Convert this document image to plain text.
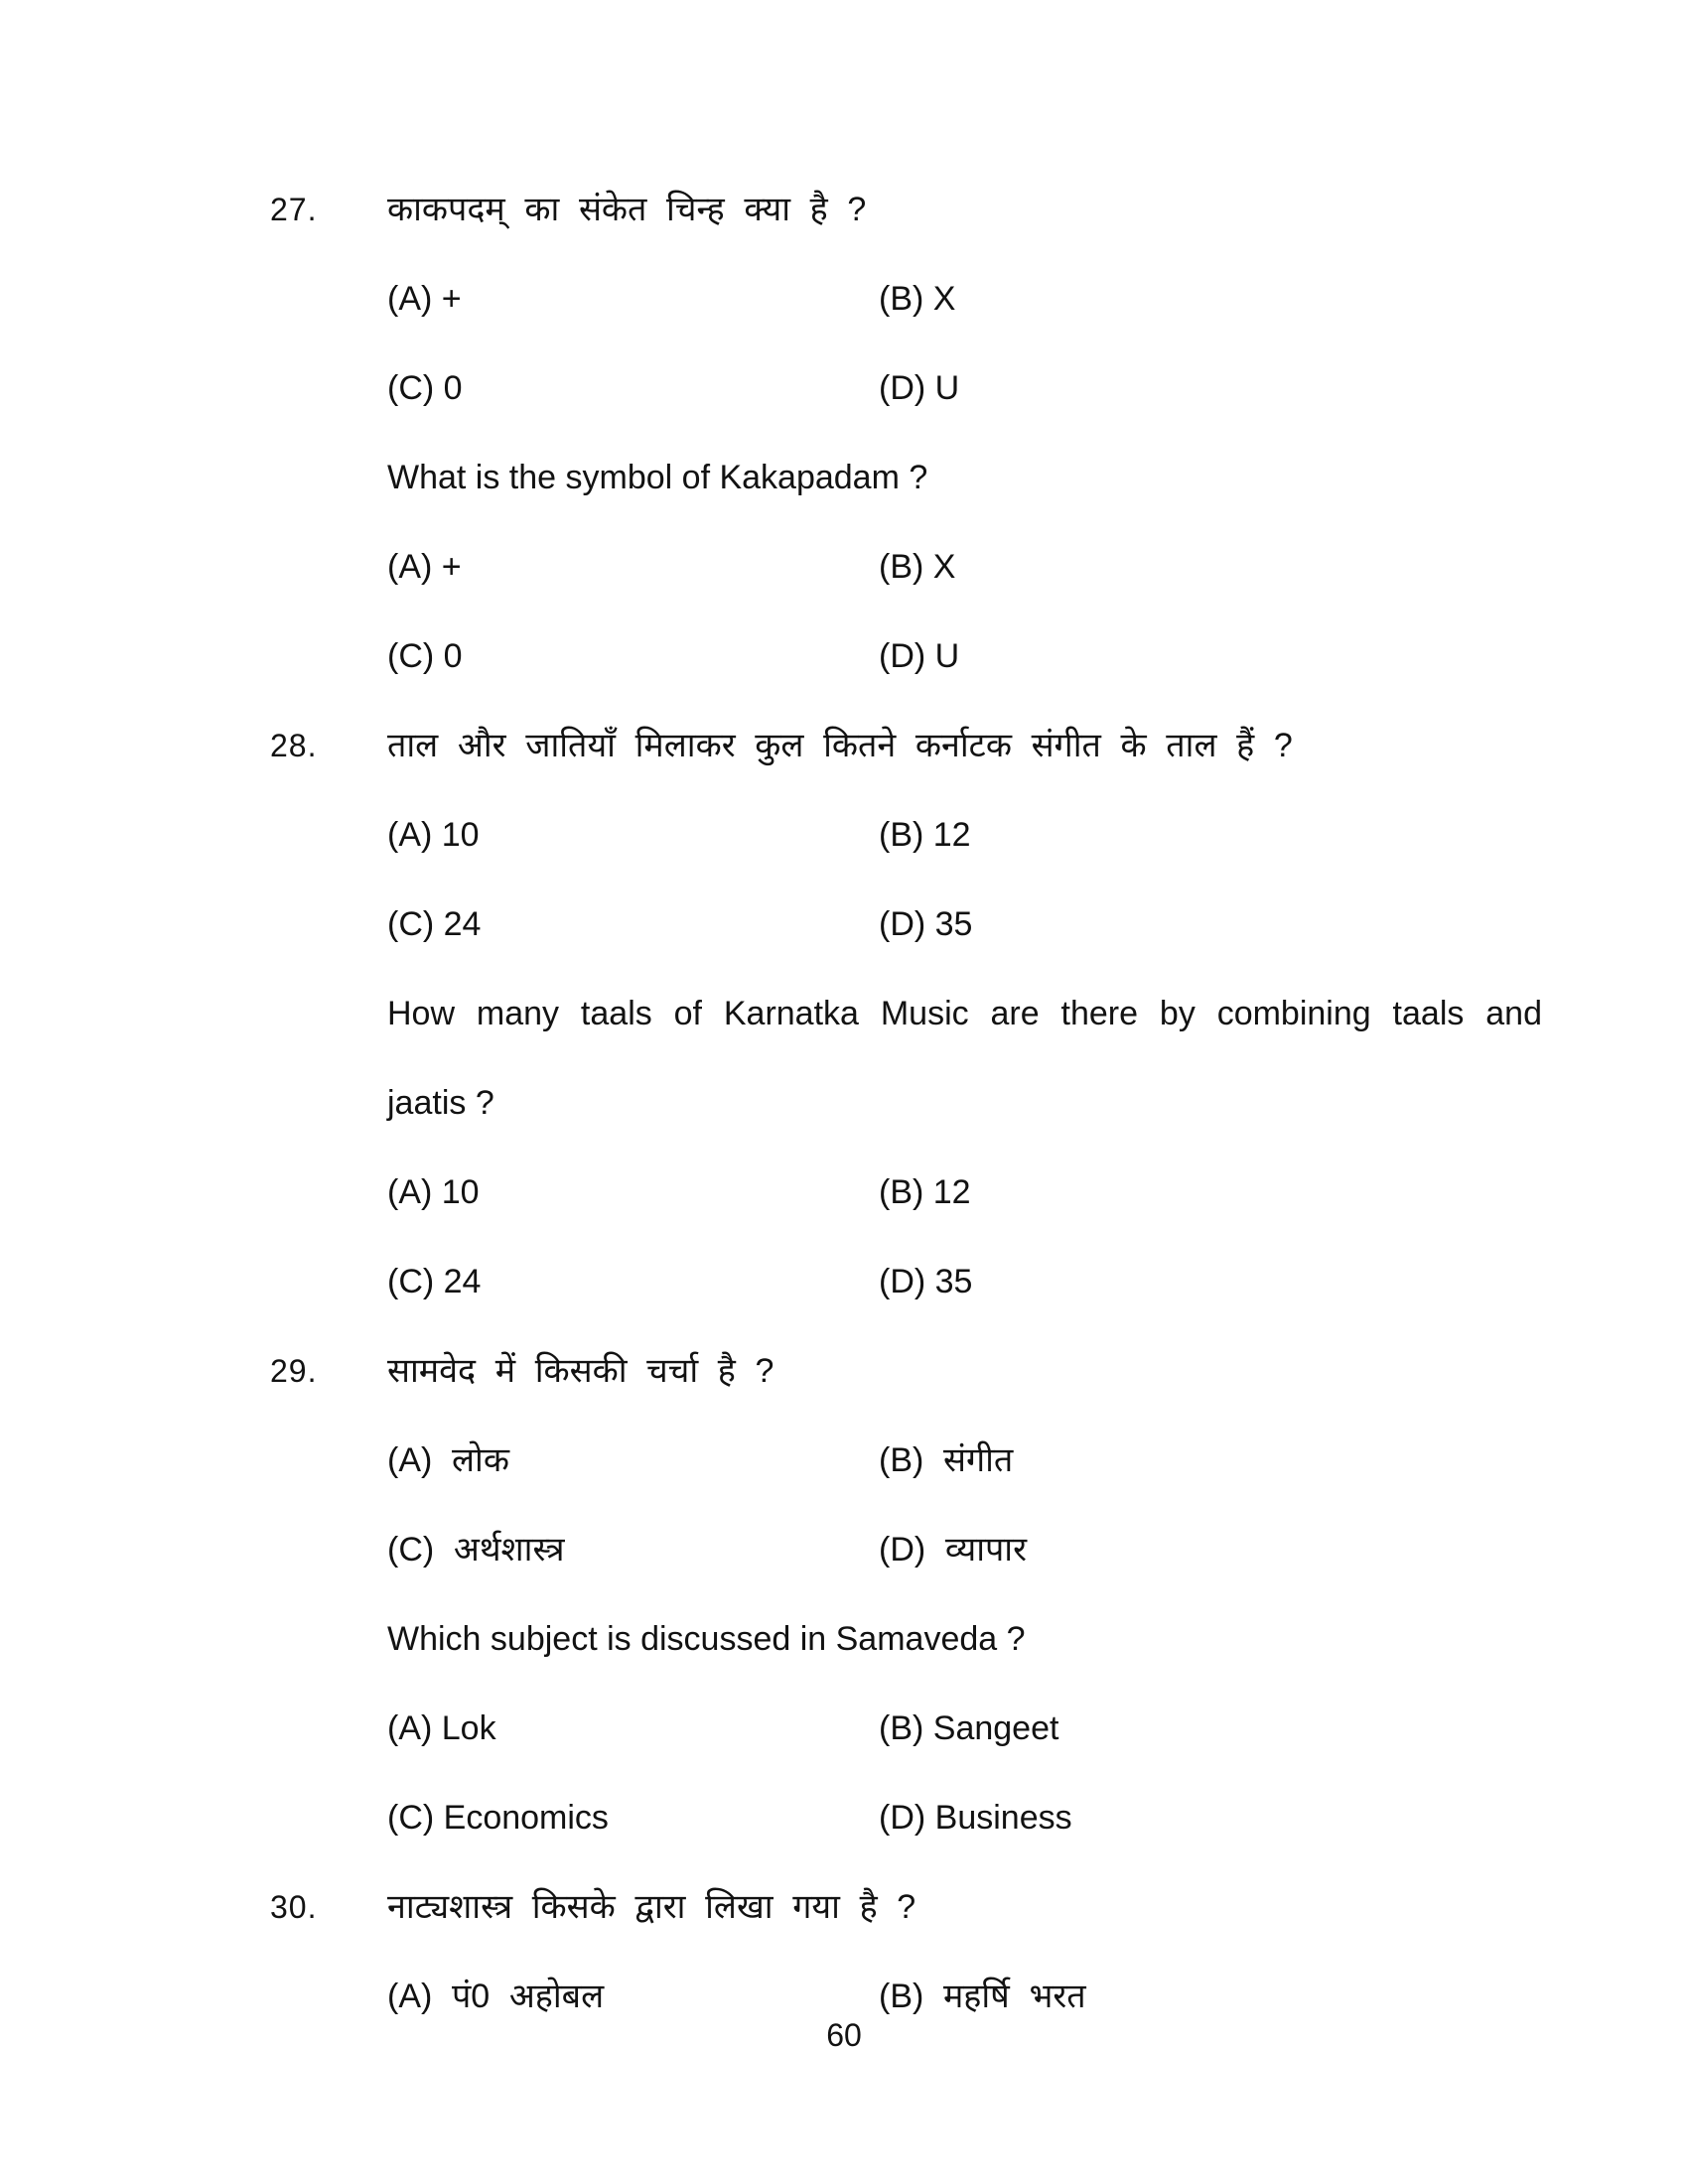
27.	काकपदम् का संकेत चिन्ह क्या है ?
(A) +	(B) X
(C) 0	(D) U
What is the symbol of Kakapadam ?
(A) +	(B) X
(C) 0	(D) U
28.	ताल और जातियाँ मिलाकर कुल कितने कर्नाटक संगीत के ताल हैं ?
(A) 10	(B) 12
(C) 24	(D) 35
How many taals of Karnatka Music are there by combining taals and
jaatis ?
(A) 10	(B) 12
(C) 24	(D) 35
29.	सामवेद में किसकी चर्चा है ?
(A) लोक	(B) संगीत
(C) अर्थशास्त्र	(D) व्यापार
Which subject is discussed in Samaveda ?
(A) Lok	(B) Sangeet
(C) Economics	(D) Business
30.	नाट्यशास्त्र किसके द्वारा लिखा गया है ?
(A) पं0 अहोबल	(B) महर्षि भरत
60
